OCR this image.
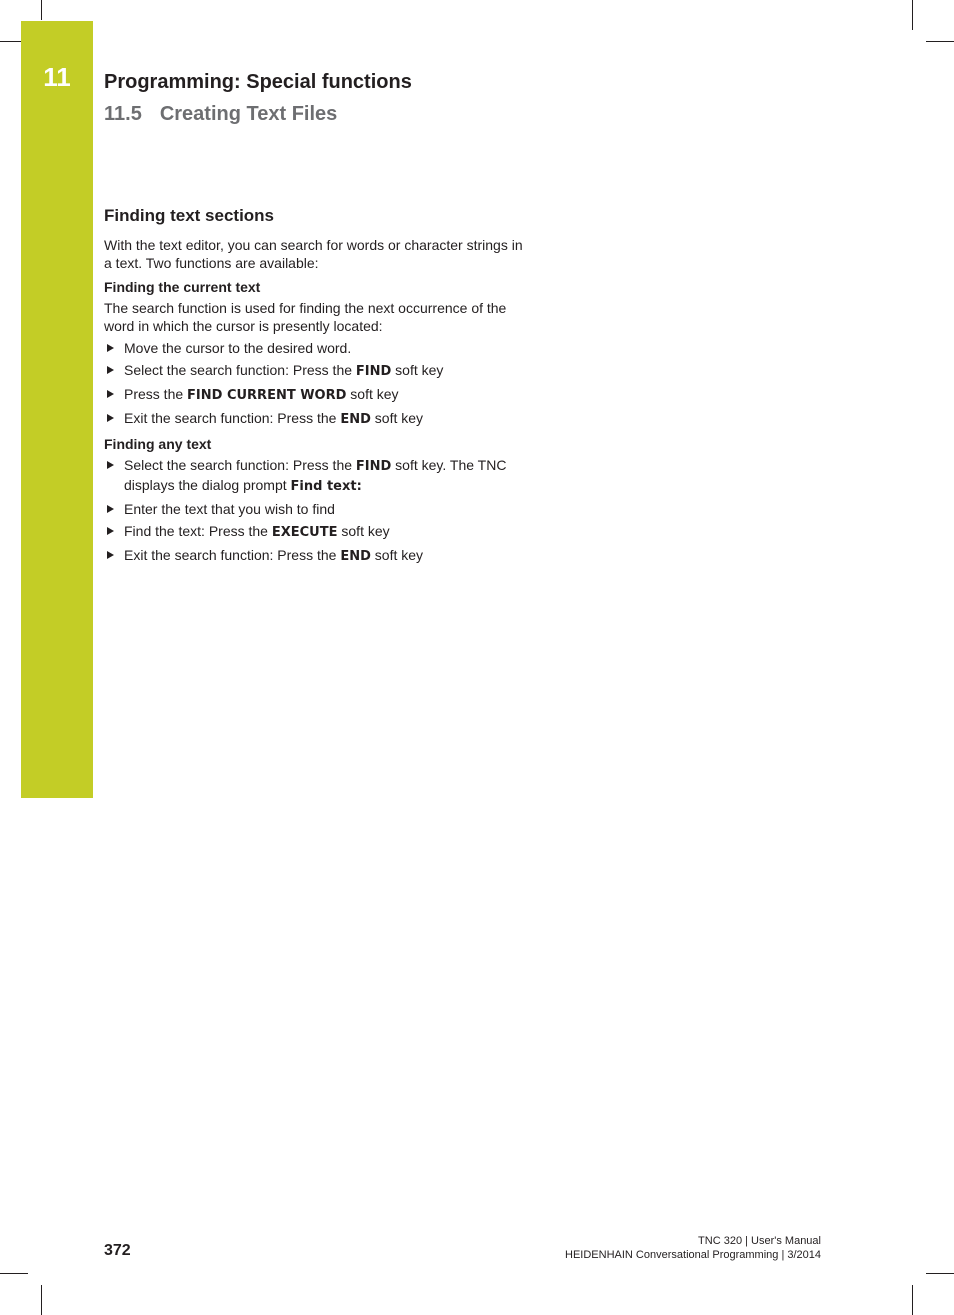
11	Programming: Special functions
11.5 Creating Text Files
Finding text sections

With the text editor, you can search for words or character strings in a text. Two functions are available:

Finding the current text

The search function is used for finding the next occurrence of the word in which the cursor is presently located:

Move the cursor to the desired word.
Select the search function: Press the FIND soft key
Press the FIND CURRENT WORD soft key
Exit the search function: Press the END soft key
Finding any text
Select the search function: Press the FIND soft key. The TNC displays the dialog prompt Find text:
Enter the text that you wish to find
Find the text: Press the EXECUTE soft key
Exit the search function: Press the END soft key
372
TNC 320 | User's Manual
HEIDENHAIN Conversational Programming | 3/2014
